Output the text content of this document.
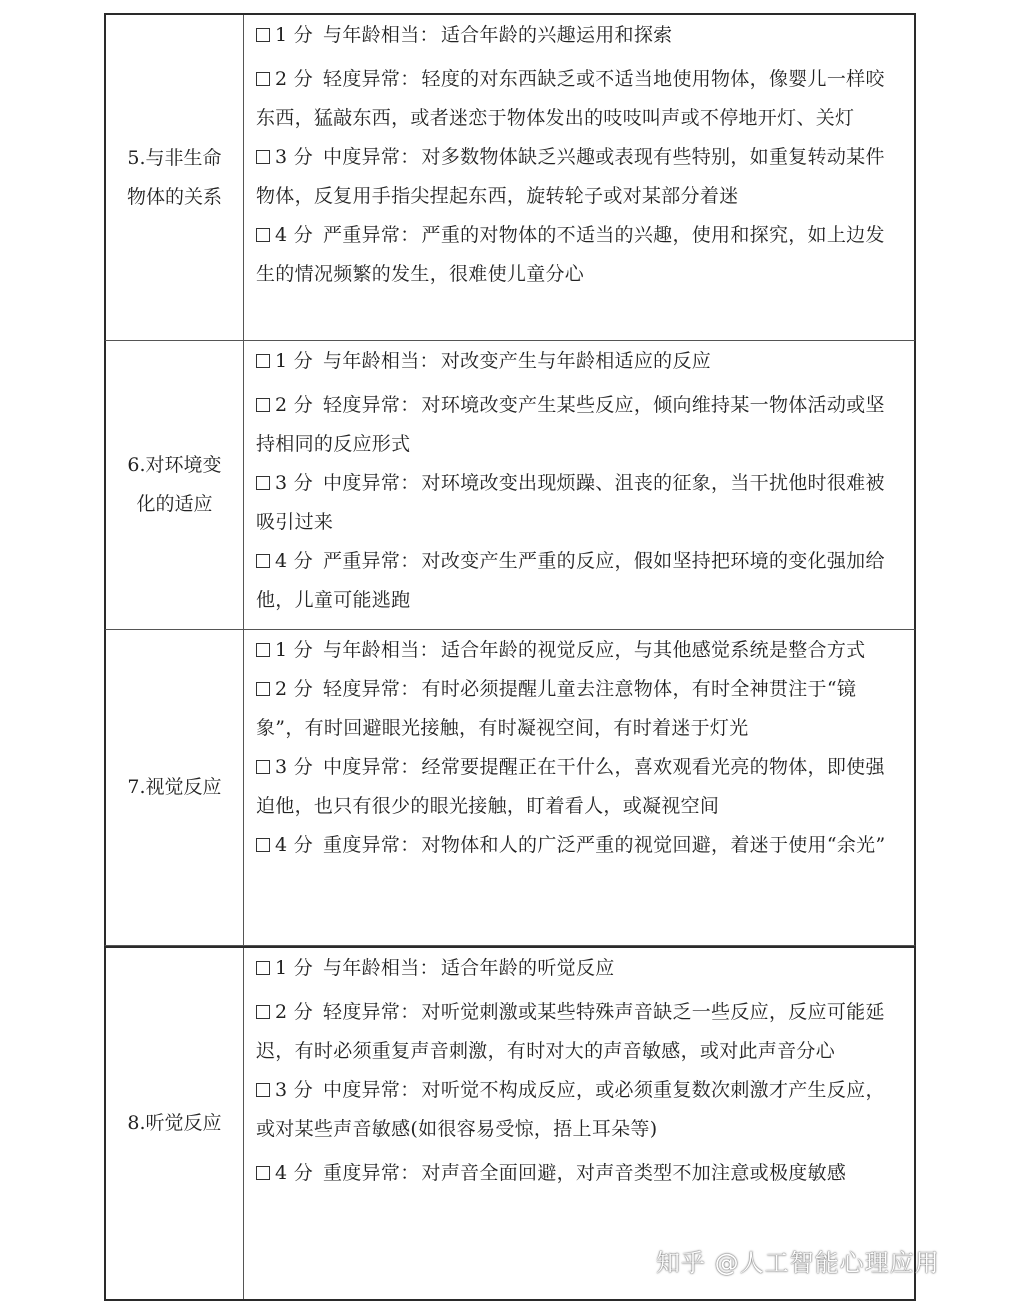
5.与非生命物体的关系
1 分 与年龄相当： 适合年龄的兴趣运用和探索
2 分 轻度异常： 轻度的对东西缺乏或不适当地使用物体，像婴儿一样咬东西，猛敲东西，或者迷恋于物体发出的吱吱叫声或不停地开灯、关灯
3 分 中度异常： 对多数物体缺乏兴趣或表现有些特别，如重复转动某件物体，反复用手指尖捏起东西，旋转轮子或对某部分着迷
4 分 严重异常： 严重的对物体的不适当的兴趣，使用和探究，如上边发生的情况频繁的发生，很难使儿童分心
6.对环境变化的适应
1 分 与年龄相当： 对改变产生与年龄相适应的反应
2 分 轻度异常： 对环境改变产生某些反应，倾向维持某一物体活动或坚持相同的反应形式
3 分 中度异常： 对环境改变出现烦躁、沮丧的征象，当干扰他时很难被吸引过来
4 分 严重异常： 对改变产生严重的反应，假如坚持把环境的变化强加给他，儿童可能逃跑
7.视觉反应
1 分 与年龄相当： 适合年龄的视觉反应，与其他感觉系统是整合方式
2 分 轻度异常： 有时必须提醒儿童去注意物体，有时全神贯注于“镜象”，有时回避眼光接触，有时凝视空间，有时着迷于灯光
3 分 中度异常： 经常要提醒正在干什么，喜欢观看光亮的物体，即使强迫他，也只有很少的眼光接触，盯着看人，或凝视空间
4 分 重度异常： 对物体和人的广泛严重的视觉回避，着迷于使用“余光”
8.听觉反应
1 分 与年龄相当： 适合年龄的听觉反应
2 分 轻度异常： 对听觉刺激或某些特殊声音缺乏一些反应，反应可能延迟，有时必须重复声音刺激，有时对大的声音敏感，或对此声音分心
3 分 中度异常： 对听觉不构成反应，或必须重复数次刺激才产生反应，或对某些声音敏感(如很容易受惊，捂上耳朵等)
4 分 重度异常： 对声音全面回避，对声音类型不加注意或极度敏感
知乎 @人工智能心理应用
